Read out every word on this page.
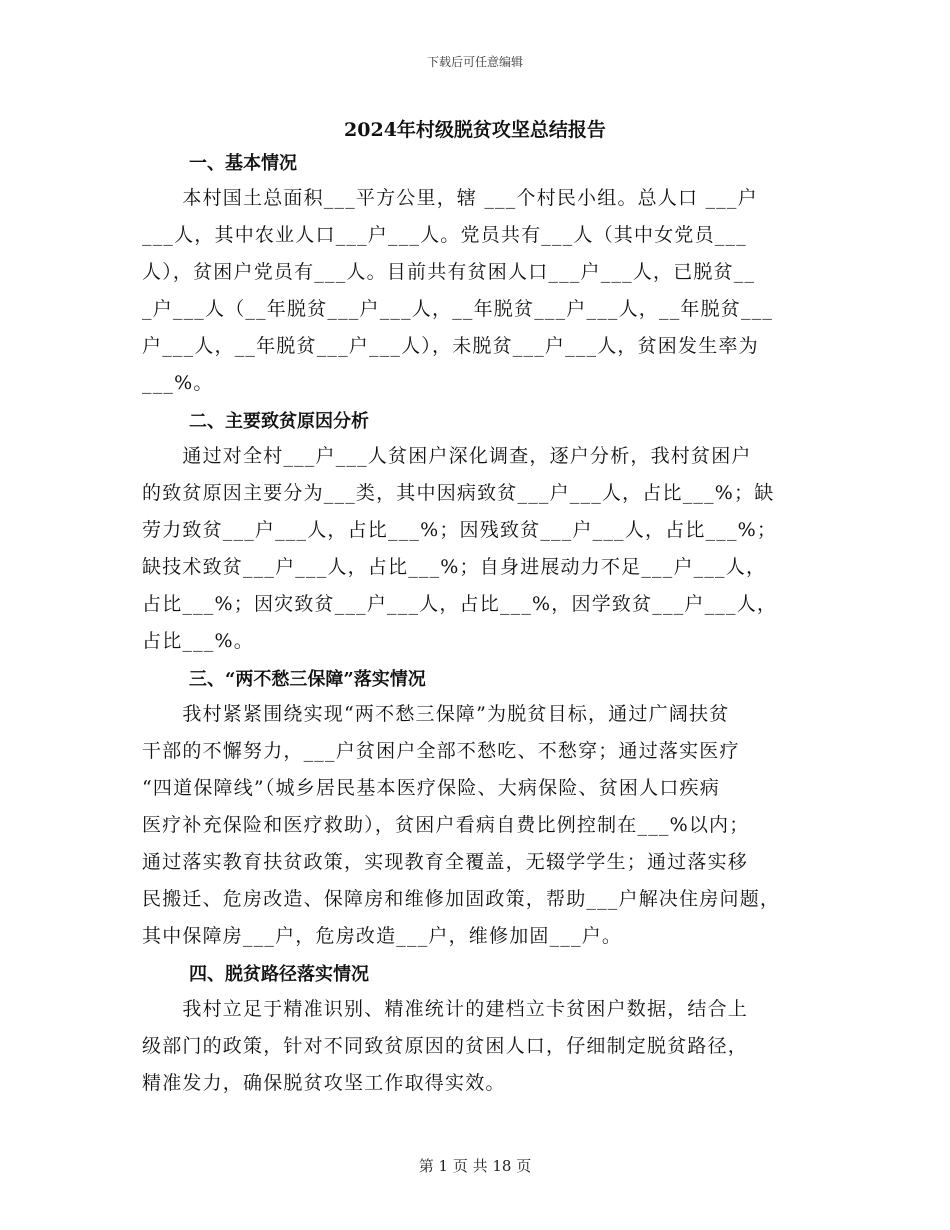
下载后可任意编辑
2024年村级脱贫攻坚总结报告
一、基本情况
　　本村国土总面积___平方公里，辖 ___个村民小组。总人口 ___户
___人，其中农业人口___户___人。党员共有___人（其中女党员___
人），贫困户党员有___人。目前共有贫困人口___户___人，已脱贫__
_户___人（__年脱贫___户___人，__年脱贫___户___人，__年脱贫___
户___人，__年脱贫___户___人），未脱贫___户___人，贫困发生率为
___%。
二、主要致贫原因分析
　　通过对全村___户___人贫困户深化调查，逐户分析，我村贫困户
的致贫原因主要分为___类，其中因病致贫___户___人，占比___%；缺
劳力致贫___户___人，占比___%；因残致贫___户___人，占比___%；
缺技术致贫___户___人，占比___%；自身进展动力不足___户___人，
占比___%；因灾致贫___户___人，占比___%，因学致贫___户___人，
占比___%。
三、“两不愁三保障”落实情况
　　我村紧紧围绕实现“两不愁三保障”为脱贫目标，通过广阔扶贫
干部的不懈努力，___户贫困户全部不愁吃、不愁穿；通过落实医疗
“四道保障线”（城乡居民基本医疗保险、大病保险、贫困人口疾病
医疗补充保险和医疗救助），贫困户看病自费比例控制在___%以内；
通过落实教育扶贫政策，实现教育全覆盖，无辍学学生；通过落实移
民搬迁、危房改造、保障房和维修加固政策，帮助___户解决住房问题，
其中保障房___户，危房改造___户，维修加固___户。
四、脱贫路径落实情况
　　我村立足于精准识别、精准统计的建档立卡贫困户数据，结合上
级部门的政策，针对不同致贫原因的贫困人口，仔细制定脱贫路径，
精准发力，确保脱贫攻坚工作取得实效。
第 1 页 共 18 页
